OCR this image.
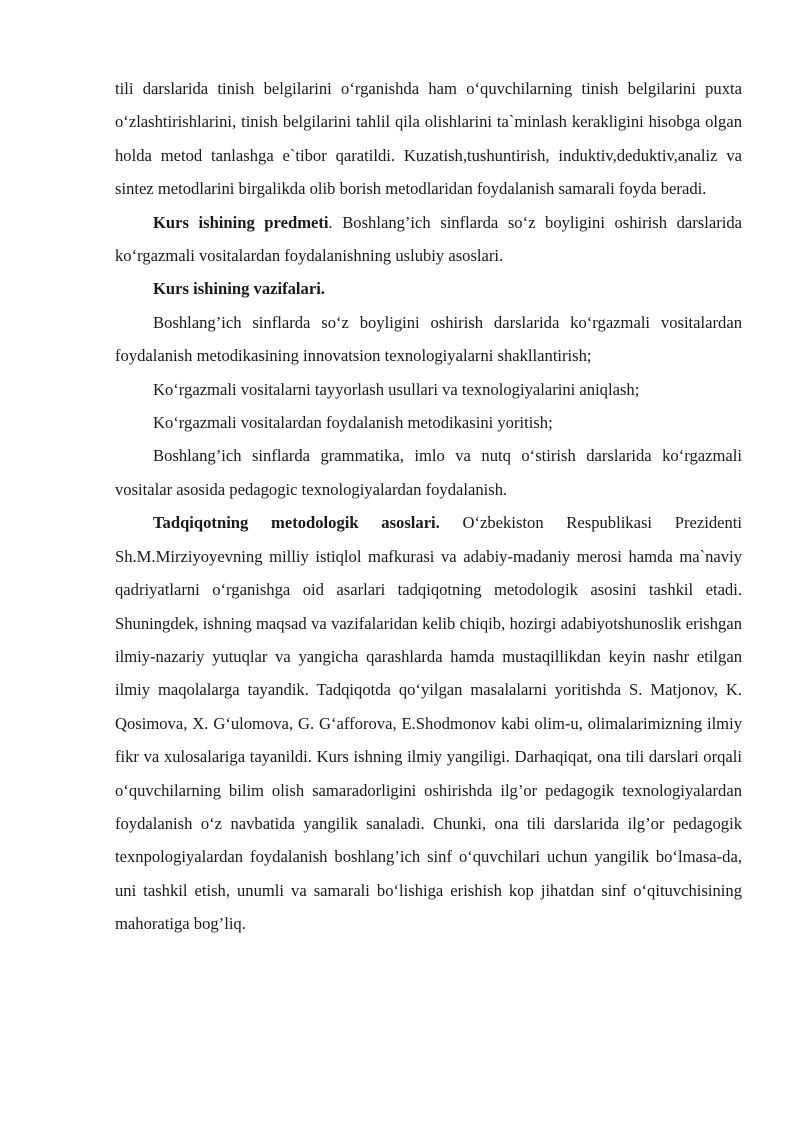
tili darslarida tinish belgilarini o‘rganishda ham o‘quvchilarning tinish belgilarini puxta o‘zlashtirishlarini, tinish belgilarini tahlil qila olishlarini ta`minlash kerakligini hisobga olgan holda metod tanlashga e`tibor qaratildi. Kuzatish,tushuntirish, induktiv,deduktiv,analiz va sintez metodlarini birgalikda olib borish metodlaridan foydalanish samarali foyda beradi.

Kurs ishining predmeti. Boshlang’ich sinflarda so‘z boyligini oshirish darslarida ko‘rgazmali vositalardan foydalanishning uslubiy asoslari.

Kurs ishining vazifalari.

Boshlang’ich sinflarda so‘z boyligini oshirish darslarida ko‘rgazmali vositalardan foydalanish metodikasining innovatsion texnologiyalarni shakllantirish;

Ko‘rgazmali vositalarni tayyorlash usullari va texnologiyalarini aniqlash;

Ko‘rgazmali vositalardan foydalanish metodikasini yoritish;

Boshlang’ich sinflarda grammatika, imlo va nutq o‘stirish darslarida ko‘rgazmali vositalar asosida pedagogic texnologiyalardan foydalanish.

Tadqiqotning metodologik asoslari. O‘zbekiston Respublikasi Prezidenti Sh.M.Mirziyoyevning milliy istiqlol mafkurasi va adabiy-madaniy merosi hamda ma`naviy qadriyatlarni o‘rganishga oid asarlari tadqiqotning metodologik asosini tashkil etadi. Shuningdek, ishning maqsad va vazifalaridan kelib chiqib, hozirgi adabiyotshunoslik erishgan ilmiy-nazariy yutuqlar va yangicha qarashlarda hamda mustaqillikdan keyin nashr etilgan ilmiy maqolalarga tayandik. Tadqiqotda qo‘yilgan masalalarni yoritishda S. Matjonov, K. Qosimova, X. G‘ulomova, G. G‘afforova, E.Shodmonov kabi olim-u, olimalarimizning ilmiy fikr va xulosalariga tayanildi. Kurs ishning ilmiy yangiligi. Darhaqiqat, ona tili darslari orqali o‘quvchilarning bilim olish samaradorligini oshirishda ilg’or pedagogik texnologiyalardan foydalanish o‘z navbatida yangilik sanaladi. Chunki, ona tili darslarida ilg’or pedagogik texnpologiyalardan foydalanish boshlang’ich sinf o‘quvchilari uchun yangilik bo‘lmasa-da, uni tashkil etish, unumli va samarali bo‘lishiga erishish kop jihatdan sinf o‘qituvchisining mahoratiga bog’liq.
